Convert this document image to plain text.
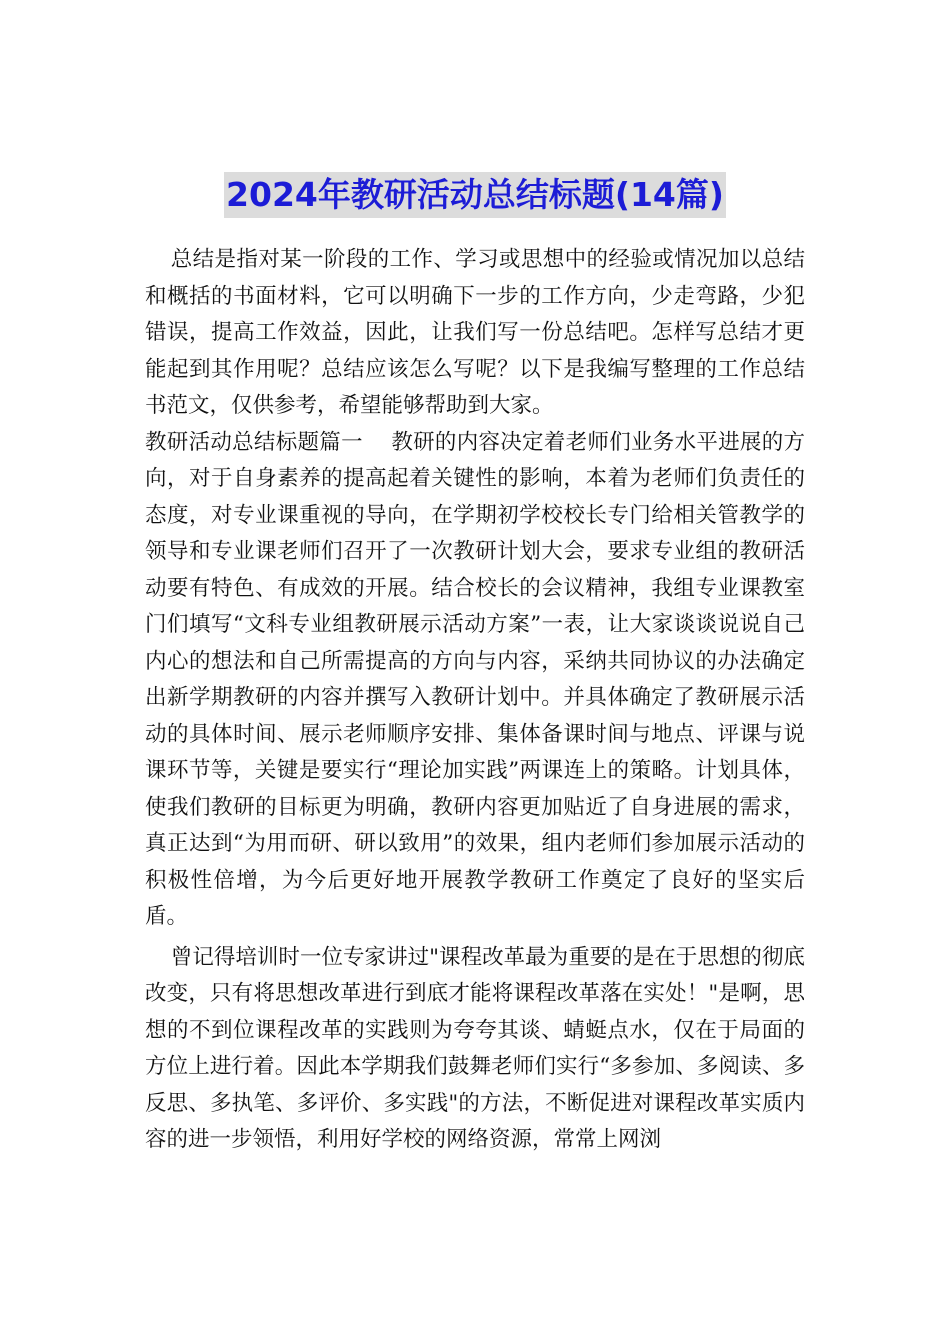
2024年教研活动总结标题(14篇)

总结是指对某一阶段的工作、学习或思想中的经验或情况加以总结和概括的书面材料，它可以明确下一步的工作方向，少走弯路，少犯错误，提高工作效益，因此，让我们写一份总结吧。怎样写总结才更能起到其作用呢？总结应该怎么写呢？以下是我编写整理的工作总结书范文，仅供参考，希望能够帮助到大家。

教研活动总结标题篇一    教研的内容决定着老师们业务水平进展的方向，对于自身素养的提高起着关键性的影响，本着为老师们负责任的态度，对专业课重视的导向，在学期初学校校长专门给相关管教学的领导和专业课老师们召开了一次教研计划大会，要求专业组的教研活动要有特色、有成效的开展。结合校长的会议精神，我组专业课教室门们填写“文科专业组教研展示活动方案”一表，让大家谈谈说说自己内心的想法和自己所需提高的方向与内容，采纳共同协议的办法确定出新学期教研的内容并撰写入教研计划中。并具体确定了教研展示活动的具体时间、展示老师顺序安排、集体备课时间与地点、评课与说课环节等，关键是要实行“理论加实践”两课连上的策略。计划具体，使我们教研的目标更为明确，教研内容更加贴近了自身进展的需求，真正达到“为用而研、研以致用”的效果，组内老师们参加展示活动的积极性倍增，为今后更好地开展教学教研工作奠定了良好的坚实后盾。

曾记得培训时一位专家讲过"课程改革最为重要的是在于思想的彻底改变，只有将思想改革进行到底才能将课程改革落在实处！"是啊，思想的不到位课程改革的实践则为夸夸其谈、蜻蜓点水，仅在于局面的方位上进行着。因此本学期我们鼓舞老师们实行“多参加、多阅读、多反思、多执笔、多评价、多实践"的方法，不断促进对课程改革实质内容的进一步领悟，利用好学校的网络资源，常常上网浏
